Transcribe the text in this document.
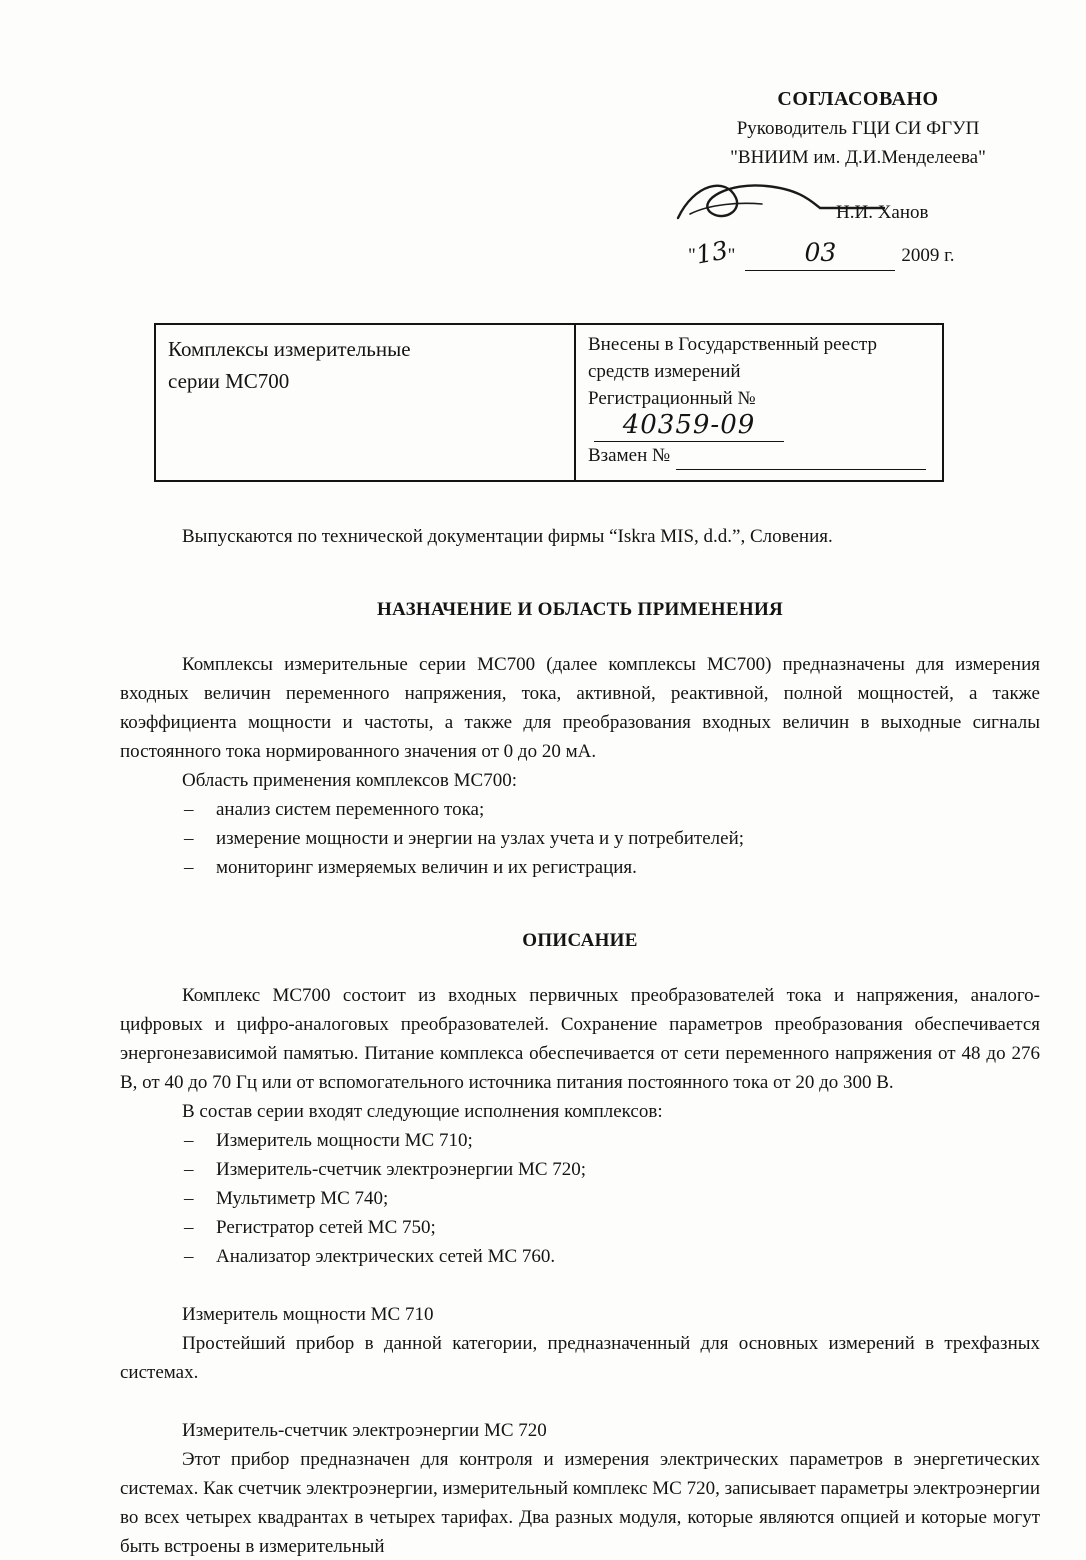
СОГЛАСОВАНО
Руководитель ГЦИ СИ ФГУП
"ВНИИМ им. Д.И.Менделеева"
Н.И. Ханов
"13"	03	2009 г.
Комплексы измерительные
серии МС700
Внесены в Государственный реестр
средств измерений
Регистрационный №40359-09
Взамен №

Выпускаются по технической документации фирмы “Iskra MIS, d.d.”, Словения.

НАЗНАЧЕНИЕ И ОБЛАСТЬ ПРИМЕНЕНИЯ

Комплексы измерительные серии МС700 (далее комплексы МС700) предназначены для измерения входных величин переменного напряжения, тока, активной, реактивной, полной мощностей, а также коэффициента мощности и частоты, а также для преобразования входных величин в выходные сигналы постоянного тока нормированного значения от 0 до 20 мА.

Область применения комплексов МС700:

–	анализ систем переменного тока;
–	измерение мощности и энергии на узлах учета и у потребителей;
–	мониторинг измеряемых величин и их регистрация.
ОПИСАНИЕ

Комплекс МС700 состоит из входных первичных преобразователей тока и напряжения, аналого-цифровых и цифро-аналоговых преобразователей. Сохранение параметров преобразования обеспечивается энергонезависимой памятью. Питание комплекса обеспечивается от сети переменного напряжения от 48 до 276 В, от 40 до 70 Гц или от вспомогательного источника питания постоянного тока от 20 до 300 В.

В состав серии входят следующие исполнения комплексов:

–	Измеритель мощности МС 710;
–	Измеритель-счетчик электроэнергии МС 720;
–	Мультиметр МС 740;
–	Регистратор сетей МС 750;
–	Анализатор электрических сетей МС 760.

Измеритель мощности МС 710

Простейший прибор в данной категории, предназначенный для основных измерений в трехфазных системах.

Измеритель-счетчик электроэнергии МС 720

Этот прибор предназначен для контроля и измерения электрических параметров в энергетических системах. Как счетчик электроэнергии, измерительный комплекс МС 720, записывает параметры электроэнергии во всех четырех квадрантах в четырех тарифах. Два разных модуля, которые являются опцией и которые могут быть встроены в измерительный
